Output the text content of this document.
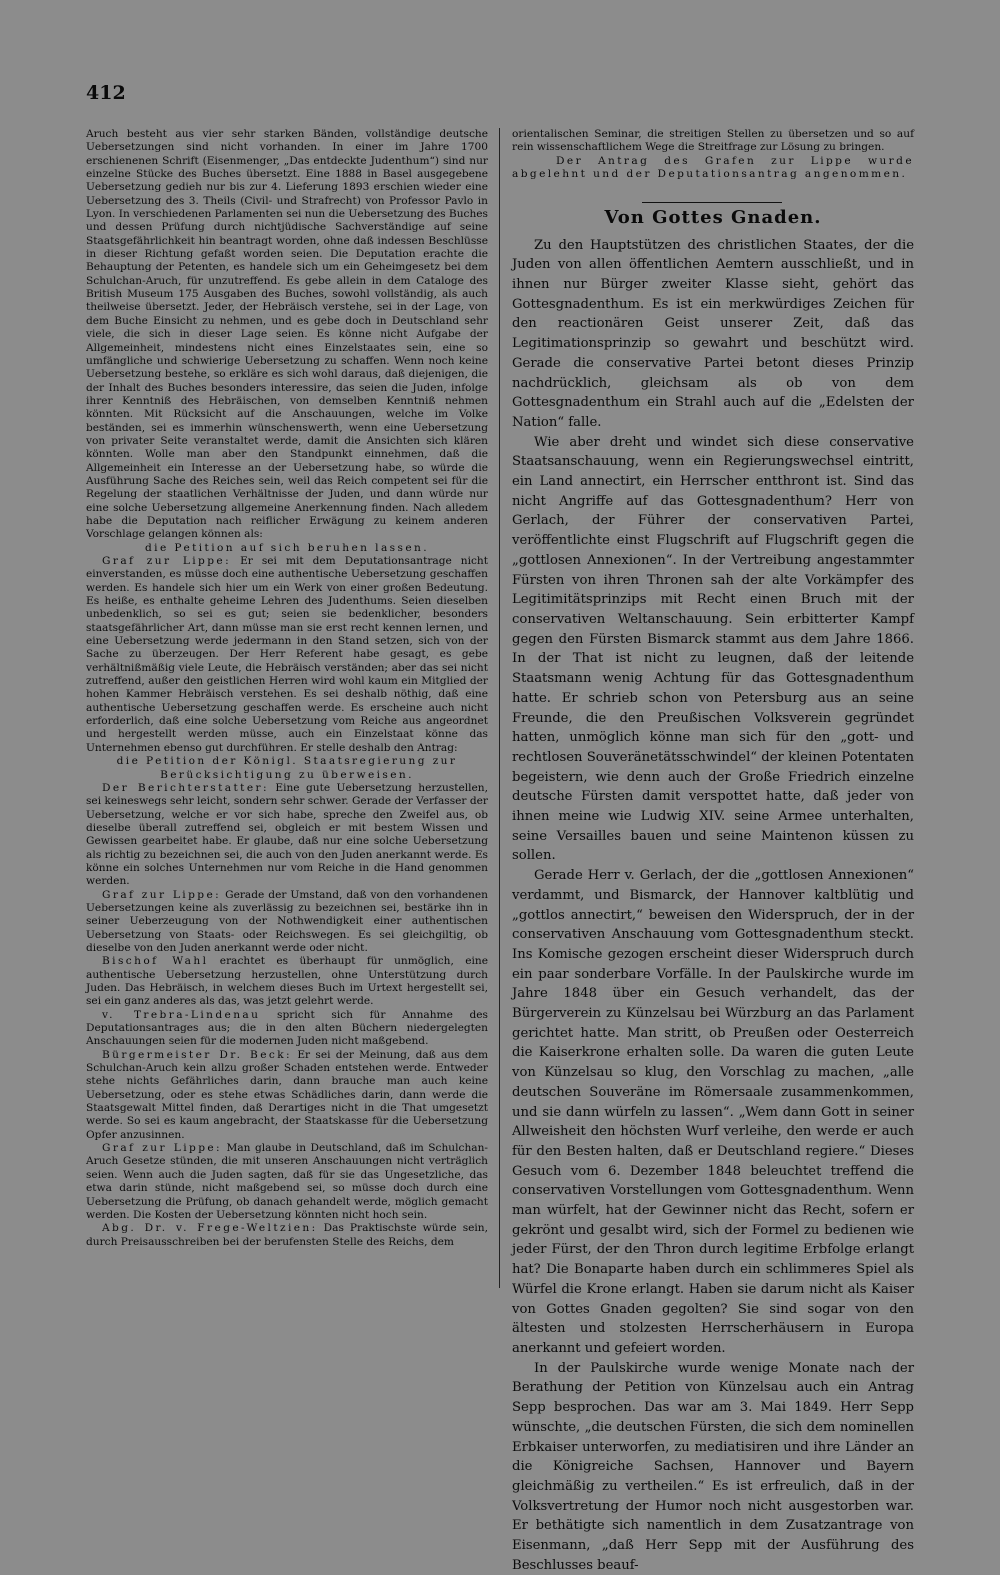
412

Aruch besteht aus vier sehr starken Bänden, vollständige deutsche Uebersetzungen sind nicht vorhanden. In einer im Jahre 1700 erschienenen Schrift (Eisenmenger, „Das entdeckte Judenthum“) sind nur einzelne Stücke des Buches übersetzt. Eine 1888 in Basel ausgegebene Uebersetzung gedieh nur bis zur 4. Lieferung 1893 erschien wieder eine Uebersetzung des 3. Theils (Civil- und Strafrecht) von Professor Pavlo in Lyon. In verschiedenen Parlamenten sei nun die Uebersetzung des Buches und dessen Prüfung durch nichtjüdische Sachverständige auf seine Staatsgefährlichkeit hin beantragt worden, ohne daß indessen Beschlüsse in dieser Richtung gefaßt worden seien. Die Deputation erachte die Behauptung der Petenten, es handele sich um ein Geheimgesetz bei dem Schulchan-Aruch, für unzutreffend. Es gebe allein in dem Cataloge des British Museum 175 Ausgaben des Buches, sowohl vollständig, als auch theilweise übersetzt. Jeder, der Hebräisch verstehe, sei in der Lage, von dem Buche Einsicht zu nehmen, und es gebe doch in Deutschland sehr viele, die sich in dieser Lage seien. Es könne nicht Aufgabe der Allgemeinheit, mindestens nicht eines Einzelstaates sein, eine so umfängliche und schwierige Uebersetzung zu schaffen. Wenn noch keine Uebersetzung bestehe, so erkläre es sich wohl daraus, daß diejenigen, die der Inhalt des Buches besonders interessire, das seien die Juden, infolge ihrer Kenntniß des Hebräischen, von demselben Kenntniß nehmen könnten. Mit Rücksicht auf die Anschauungen, welche im Volke beständen, sei es immerhin wünschenswerth, wenn eine Uebersetzung von privater Seite veranstaltet werde, damit die Ansichten sich klären könnten. Wolle man aber den Standpunkt einnehmen, daß die Allgemeinheit ein Interesse an der Uebersetzung habe, so würde die Ausführung Sache des Reiches sein, weil das Reich competent sei für die Regelung der staatlichen Verhältnisse der Juden, und dann würde nur eine solche Uebersetzung allgemeine Anerkennung finden. Nach alledem habe die Deputation nach reiflicher Erwägung zu keinem anderen Vorschlage gelangen können als:

die Petition auf sich beruhen lassen.

Graf zur Lippe: Er sei mit dem Deputationsantrage nicht einverstanden, es müsse doch eine authentische Uebersetzung geschaffen werden. Es handele sich hier um ein Werk von einer großen Bedeutung. Es heiße, es enthalte geheime Lehren des Judenthums. Seien dieselben unbedenklich, so sei es gut; seien sie bedenklicher, besonders staatsgefährlicher Art, dann müsse man sie erst recht kennen lernen, und eine Uebersetzung werde jedermann in den Stand setzen, sich von der Sache zu überzeugen. Der Herr Referent habe gesagt, es gebe verhältnißmäßig viele Leute, die Hebräisch verständen; aber das sei nicht zutreffend, außer den geistlichen Herren wird wohl kaum ein Mitglied der hohen Kammer Hebräisch verstehen. Es sei deshalb nöthig, daß eine authentische Uebersetzung geschaffen werde. Es erscheine auch nicht erforderlich, daß eine solche Uebersetzung vom Reiche aus angeordnet und hergestellt werden müsse, auch ein Einzelstaat könne das Unternehmen ebenso gut durchführen. Er stelle deshalb den Antrag:

die Petition der Königl. Staatsregierung zur Berücksichtigung zu überweisen.

Der Berichterstatter: Eine gute Uebersetzung herzustellen, sei keineswegs sehr leicht, sondern sehr schwer. Gerade der Verfasser der Uebersetzung, welche er vor sich habe, spreche den Zweifel aus, ob dieselbe überall zutreffend sei, obgleich er mit bestem Wissen und Gewissen gearbeitet habe. Er glaube, daß nur eine solche Uebersetzung als richtig zu bezeichnen sei, die auch von den Juden anerkannt werde. Es könne ein solches Unternehmen nur vom Reiche in die Hand genommen werden.

Graf zur Lippe: Gerade der Umstand, daß von den vorhandenen Uebersetzungen keine als zuverlässig zu bezeichnen sei, bestärke ihn in seiner Ueberzeugung von der Nothwendigkeit einer authentischen Uebersetzung von Staats- oder Reichswegen. Es sei gleichgiltig, ob dieselbe von den Juden anerkannt werde oder nicht.

Bischof Wahl erachtet es überhaupt für unmöglich, eine authentische Uebersetzung herzustellen, ohne Unterstützung durch Juden. Das Hebräisch, in welchem dieses Buch im Urtext hergestellt sei, sei ein ganz anderes als das, was jetzt gelehrt werde.

v. Trebra-Lindenau spricht sich für Annahme des Deputationsantrages aus; die in den alten Büchern niedergelegten Anschauungen seien für die modernen Juden nicht maßgebend.

Bürgermeister Dr. Beck: Er sei der Meinung, daß aus dem Schulchan-Aruch kein allzu großer Schaden entstehen werde. Entweder stehe nichts Gefährliches darin, dann brauche man auch keine Uebersetzung, oder es stehe etwas Schädliches darin, dann werde die Staatsgewalt Mittel finden, daß Derartiges nicht in die That umgesetzt werde. So sei es kaum angebracht, der Staatskasse für die Uebersetzung Opfer anzusinnen.

Graf zur Lippe: Man glaube in Deutschland, daß im Schulchan-Aruch Gesetze stünden, die mit unseren Anschauungen nicht verträglich seien. Wenn auch die Juden sagten, daß für sie das Ungesetzliche, das etwa darin stünde, nicht maßgebend sei, so müsse doch durch eine Uebersetzung die Prüfung, ob danach gehandelt werde, möglich gemacht werden. Die Kosten der Uebersetzung könnten nicht hoch sein.

Abg. Dr. v. Frege-Weltzien: Das Praktischste würde sein, durch Preisausschreiben bei der berufensten Stelle des Reichs, dem

orientalischen Seminar, die streitigen Stellen zu übersetzen und so auf rein wissenschaftlichem Wege die Streitfrage zur Lösung zu bringen.

Der Antrag des Grafen zur Lippe wurde abgelehnt und der Deputationsantrag angenommen.

Von Gottes Gnaden.

Zu den Hauptstützen des christlichen Staates, der die Juden von allen öffentlichen Aemtern ausschließt, und in ihnen nur Bürger zweiter Klasse sieht, gehört das Gottesgnadenthum. Es ist ein merkwürdiges Zeichen für den reactionären Geist unserer Zeit, daß das Legitimationsprinzip so gewahrt und beschützt wird. Gerade die conservative Partei betont dieses Prinzip nachdrücklich, gleichsam als ob von dem Gottesgnadenthum ein Strahl auch auf die „Edelsten der Nation“ falle.

Wie aber dreht und windet sich diese conservative Staatsanschauung, wenn ein Regierungswechsel eintritt, ein Land annectirt, ein Herrscher entthront ist. Sind das nicht Angriffe auf das Gottesgnadenthum? Herr von Gerlach, der Führer der conservativen Partei, veröffentlichte einst Flugschrift auf Flugschrift gegen die „gottlosen Annexionen“. In der Vertreibung angestammter Fürsten von ihren Thronen sah der alte Vorkämpfer des Legitimitätsprinzips mit Recht einen Bruch mit der conservativen Weltanschauung. Sein erbitterter Kampf gegen den Fürsten Bismarck stammt aus dem Jahre 1866. In der That ist nicht zu leugnen, daß der leitende Staatsmann wenig Achtung für das Gottesgnadenthum hatte. Er schrieb schon von Petersburg aus an seine Freunde, die den Preußischen Volksverein gegründet hatten, unmöglich könne man sich für den „gott- und rechtlosen Souveränetätsschwindel“ der kleinen Potentaten begeistern, wie denn auch der Große Friedrich einzelne deutsche Fürsten damit verspottet hatte, daß jeder von ihnen meine wie Ludwig XIV. seine Armee unterhalten, seine Versailles bauen und seine Maintenon küssen zu sollen.

Gerade Herr v. Gerlach, der die „gottlosen Annexionen“ verdammt, und Bismarck, der Hannover kaltblütig und „gottlos annectirt,“ beweisen den Widerspruch, der in der conservativen Anschauung vom Gottesgnadenthum steckt. Ins Komische gezogen erscheint dieser Widerspruch durch ein paar sonderbare Vorfälle. In der Paulskirche wurde im Jahre 1848 über ein Gesuch verhandelt, das der Bürgerverein zu Künzelsau bei Würzburg an das Parlament gerichtet hatte. Man stritt, ob Preußen oder Oesterreich die Kaiserkrone erhalten solle. Da waren die guten Leute von Künzelsau so klug, den Vorschlag zu machen, „alle deutschen Souveräne im Römersaale zusammenkommen, und sie dann würfeln zu lassen“. „Wem dann Gott in seiner Allweisheit den höchsten Wurf verleihe, den werde er auch für den Besten halten, daß er Deutschland regiere.“ Dieses Gesuch vom 6. Dezember 1848 beleuchtet treffend die conservativen Vorstellungen vom Gottesgnadenthum. Wenn man würfelt, hat der Gewinner nicht das Recht, sofern er gekrönt und gesalbt wird, sich der Formel zu bedienen wie jeder Fürst, der den Thron durch legitime Erbfolge erlangt hat? Die Bonaparte haben durch ein schlimmeres Spiel als Würfel die Krone erlangt. Haben sie darum nicht als Kaiser von Gottes Gnaden gegolten? Sie sind sogar von den ältesten und stolzesten Herrscherhäusern in Europa anerkannt und gefeiert worden.

In der Paulskirche wurde wenige Monate nach der Berathung der Petition von Künzelsau auch ein Antrag Sepp besprochen. Das war am 3. Mai 1849. Herr Sepp wünschte, „die deutschen Fürsten, die sich dem nominellen Erbkaiser unterworfen, zu mediatisiren und ihre Länder an die Königreiche Sachsen, Hannover und Bayern gleichmäßig zu vertheilen.“ Es ist erfreulich, daß in der Volksvertretung der Humor noch nicht ausgestorben war. Er bethätigte sich namentlich in dem Zusatzantrage von Eisenmann, „daß Herr Sepp mit der Ausführung des Beschlusses beauf-
